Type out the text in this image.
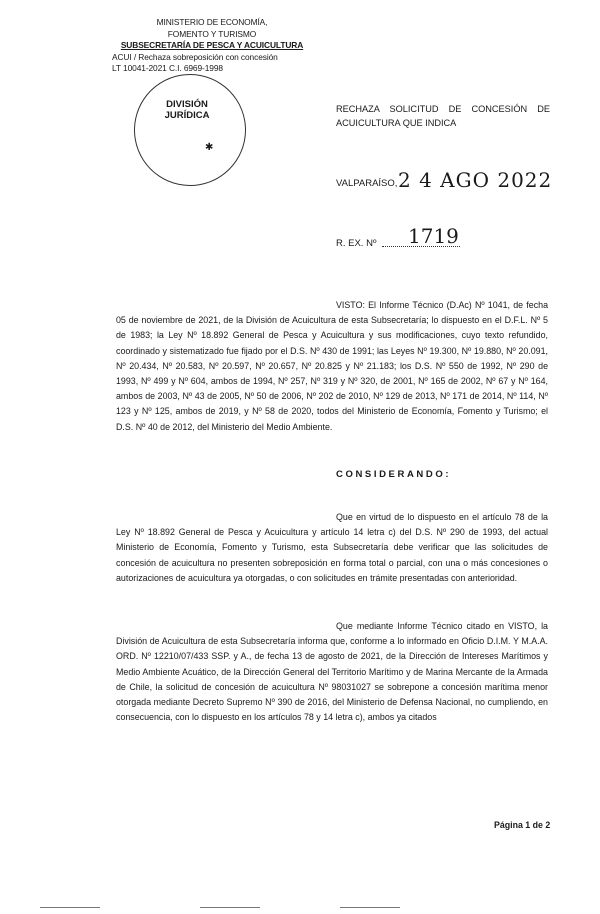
MINISTERIO DE ECONOMÍA,
FOMENTO Y TURISMO
SUBSECRETARÍA DE PESCA Y ACUICULTURA
ACUI / Rechaza sobreposición con concesión
LT 10041-2021 C.I. 6969-1998
DIVISIÓN
JURÍDICA
✱
RECHAZA SOLICITUD DE CONCESIÓN DE ACUICULTURA QUE INDICA
VALPARAÍSO, 2 4 AGO 2022
R. EX. Nº 1719

VISTO: El Informe Técnico (D.Ac) Nº 1041, de fecha 05 de noviembre de 2021, de la División de Acuicultura de esta Subsecretaría; lo dispuesto en el D.F.L. Nº 5 de 1983; la Ley Nº 18.892 General de Pesca y Acuicultura y sus modificaciones, cuyo texto refundido, coordinado y sistematizado fue fijado por el D.S. Nº 430 de 1991; las Leyes Nº 19.300, Nº 19.880, Nº 20.091, Nº 20.434, Nº 20.583, Nº 20.597, Nº 20.657, Nº 20.825 y Nº 21.183; los D.S. Nº 550 de 1992, Nº 290 de 1993, Nº 499 y Nº 604, ambos de 1994, Nº 257, Nº 319 y Nº 320, de 2001, Nº 165 de 2002, Nº 67 y Nº 164, ambos de 2003, Nº 43 de 2005, Nº 50 de 2006, Nº 202 de 2010, Nº 129 de 2013, Nº 171 de 2014, Nº 114, Nº 123 y Nº 125, ambos de 2019, y Nº 58 de 2020, todos del Ministerio de Economía, Fomento y Turismo; el D.S. Nº 40 de 2012, del Ministerio del Medio Ambiente.

CONSIDERANDO:

Que en virtud de lo dispuesto en el artículo 78 de la Ley Nº 18.892 General de Pesca y Acuicultura y artículo 14 letra c) del D.S. Nº 290 de 1993, del actual Ministerio de Economía, Fomento y Turismo, esta Subsecretaría debe verificar que las solicitudes de concesión de acuicultura no presenten sobreposición en forma total o parcial, con una o más concesiones o autorizaciones de acuicultura ya otorgadas, o con solicitudes en trámite presentadas con anterioridad.

Que mediante Informe Técnico citado en VISTO, la División de Acuicultura de esta Subsecretaría informa que, conforme a lo informado en Oficio D.I.M. Y M.A.A. ORD. Nº 12210/07/433 SSP. y A., de fecha 13 de agosto de 2021, de la Dirección de Intereses Marítimos y Medio Ambiente Acuático, de la Dirección General del Territorio Marítimo y de Marina Mercante de la Armada de Chile, la solicitud de concesión de acuicultura Nº 98031027 se sobrepone a concesión marítima menor otorgada mediante Decreto Supremo Nº 390 de 2016, del Ministerio de Defensa Nacional, no cumpliendo, en consecuencia, con lo dispuesto en los artículos 78 y 14 letra c), ambos ya citados

Página 1 de 2
